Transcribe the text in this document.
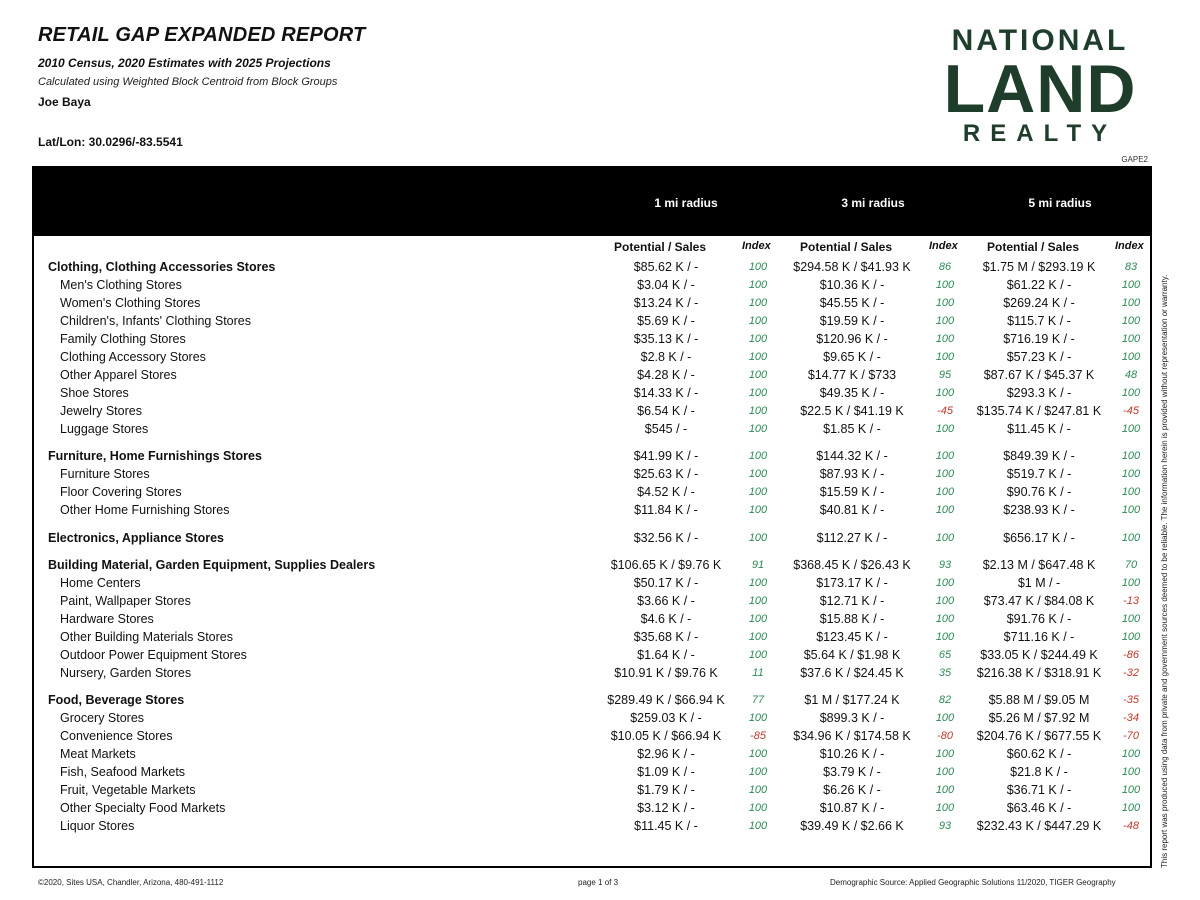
RETAIL GAP EXPANDED REPORT
2010 Census, 2020 Estimates with 2025 Projections
Calculated using Weighted Block Centroid from Block Groups
Joe Baya
Lat/Lon: 30.0296/-83.5541
NATIONAL
LAND
REALTY
GAPE2
1 mi radius	3 mi radius	5 mi radius
Potential / Sales	Index Potential / Sales	Index Potential / Sales	Index
Clothing, Clothing Accessories Stores	$85.62 K / -	100	$294.58 K / $41.93 K	86	$1.75 M / $293.19 K	83
Men's Clothing Stores	$3.04 K / -	100	$10.36 K / -	100	$61.22 K / -	100
Women's Clothing Stores	$13.24 K / -	100	$45.55 K / -	100	$269.24 K / -	100
Children's, Infants' Clothing Stores	$5.69 K / -	100	$19.59 K / -	100	$115.7 K / -	100
Family Clothing Stores	$35.13 K / -	100	$120.96 K / -	100	$716.19 K / -	100
Clothing Accessory Stores	$2.8 K / -	100	$9.65 K / -	100	$57.23 K / -	100
Other Apparel Stores	$4.28 K / -	100	$14.77 K / $733	95	$87.67 K / $45.37 K	48
Shoe Stores	$14.33 K / -	100	$49.35 K / -	100	$293.3 K / -	100
Jewelry Stores	$6.54 K / -	100	$22.5 K / $41.19 K	-45	$135.74 K / $247.81 K	-45
Luggage Stores	$545 / -	100	$1.85 K / -	100	$11.45 K / -	100
Furniture, Home Furnishings Stores	$41.99 K / -	100	$144.32 K / -	100	$849.39 K / -	100
Furniture Stores	$25.63 K / -	100	$87.93 K / -	100	$519.7 K / -	100
Floor Covering Stores	$4.52 K / -	100	$15.59 K / -	100	$90.76 K / -	100
Other Home Furnishing Stores	$11.84 K / -	100	$40.81 K / -	100	$238.93 K / -	100
Electronics, Appliance Stores	$32.56 K / -	100	$112.27 K / -	100	$656.17 K / -	100
Building Material, Garden Equipment, Supplies Dealers	$106.65 K / $9.76 K	91	$368.45 K / $26.43 K	93	$2.13 M / $647.48 K	70
Home Centers	$50.17 K / -	100	$173.17 K / -	100	$1 M / -	100
Paint, Wallpaper Stores	$3.66 K / -	100	$12.71 K / -	100	$73.47 K / $84.08 K	-13
Hardware Stores	$4.6 K / -	100	$15.88 K / -	100	$91.76 K / -	100
Other Building Materials Stores	$35.68 K / -	100	$123.45 K / -	100	$711.16 K / -	100
Outdoor Power Equipment Stores	$1.64 K / -	100	$5.64 K / $1.98 K	65	$33.05 K / $244.49 K	-86
Nursery, Garden Stores	$10.91 K / $9.76 K	11	$37.6 K / $24.45 K	35	$216.38 K / $318.91 K	-32
Food, Beverage Stores	$289.49 K / $66.94 K	77	$1 M / $177.24 K	82	$5.88 M / $9.05 M	-35
Grocery Stores	$259.03 K / -	100	$899.3 K / -	100	$5.26 M / $7.92 M	-34
Convenience Stores	$10.05 K / $66.94 K	-85	$34.96 K / $174.58 K	-80	$204.76 K / $677.55 K	-70
Meat Markets	$2.96 K / -	100	$10.26 K / -	100	$60.62 K / -	100
Fish, Seafood Markets	$1.09 K / -	100	$3.79 K / -	100	$21.8 K / -	100
Fruit, Vegetable Markets	$1.79 K / -	100	$6.26 K / -	100	$36.71 K / -	100
Other Specialty Food Markets	$3.12 K / -	100	$10.87 K / -	100	$63.46 K / -	100
Liquor Stores	$11.45 K / -	100	$39.49 K / $2.66 K	93	$232.43 K / $447.29 K	-48	This report was produced using data from private and government sources deemed to be reliable. The information herein is provided without representation or warranty.
©2020, Sites USA, Chandler, Arizona, 480-491-1112	page 1 of 3	Demographic Source: Applied Geographic Solutions 11/2020, TIGER Geography
